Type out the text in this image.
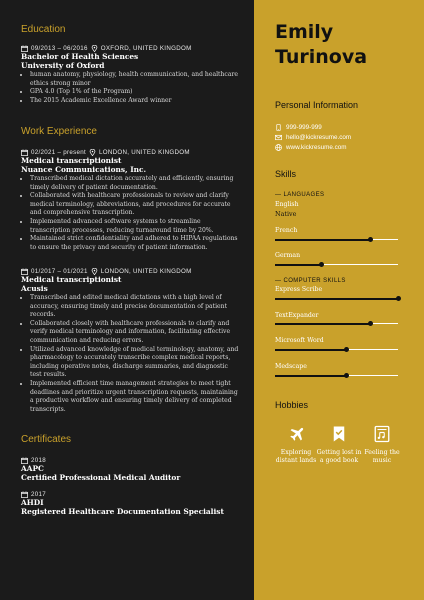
Education
09/2013 – 06/2016 OXFORD, UNITED KINGDOM
Bachelor of Health Sciences
University of Oxford
• human anatomy, physiology, health communication, and healthcare ethics strong minor
• GPA 4.0 (Top 1% of the Program)
• The 2015 Academic Excellence Award winner
Work Experience
02/2021 – present LONDON, UNITED KINGDOM
Medical transcriptionist
Nuance Communications, Inc.
• Transcribed medical dictation accurately and efficiently, ensuring timely delivery of patient documentation.
• Collaborated with healthcare professionals to review and clarify medical terminology, abbreviations, and procedures for accurate and comprehensive transcription.
• Implemented advanced software systems to streamline transcription processes, reducing turnaround time by 20%.
• Maintained strict confidentiality and adhered to HIPAA regulations to ensure the privacy and security of patient information.
01/2017 – 01/2021 LONDON, UNITED KINGDOM
Medical transcriptionist
Acusis
• Transcribed and edited medical dictations with a high level of accuracy, ensuring timely and precise documentation of patient records.
• Collaborated closely with healthcare professionals to clarify and verify medical terminology and information, facilitating effective communication and reducing errors.
• Utilized advanced knowledge of medical terminology, anatomy, and pharmacology to accurately transcribe complex medical reports, including operative notes, discharge summaries, and diagnostic test results.
• Implemented efficient time management strategies to meet tight deadlines and prioritize urgent transcription requests, maintaining a productive workflow and ensuring timely delivery of completed transcripts.
Certificates
2018
AAPC
Certified Professional Medical Auditor
2017
AHDI
Registered Healthcare Documentation Specialist
Emily
Turinova
Personal Information
999-999-999
hello@kickresume.com
www.kickresume.com
Skills
— LANGUAGES
English
Native
French
German
— COMPUTER SKILLS
Express Scribe
TextExpander
Microsoft Word
Medscape
Hobbies
Exploring distant lands
Getting lost in a good book
Feeling the music
